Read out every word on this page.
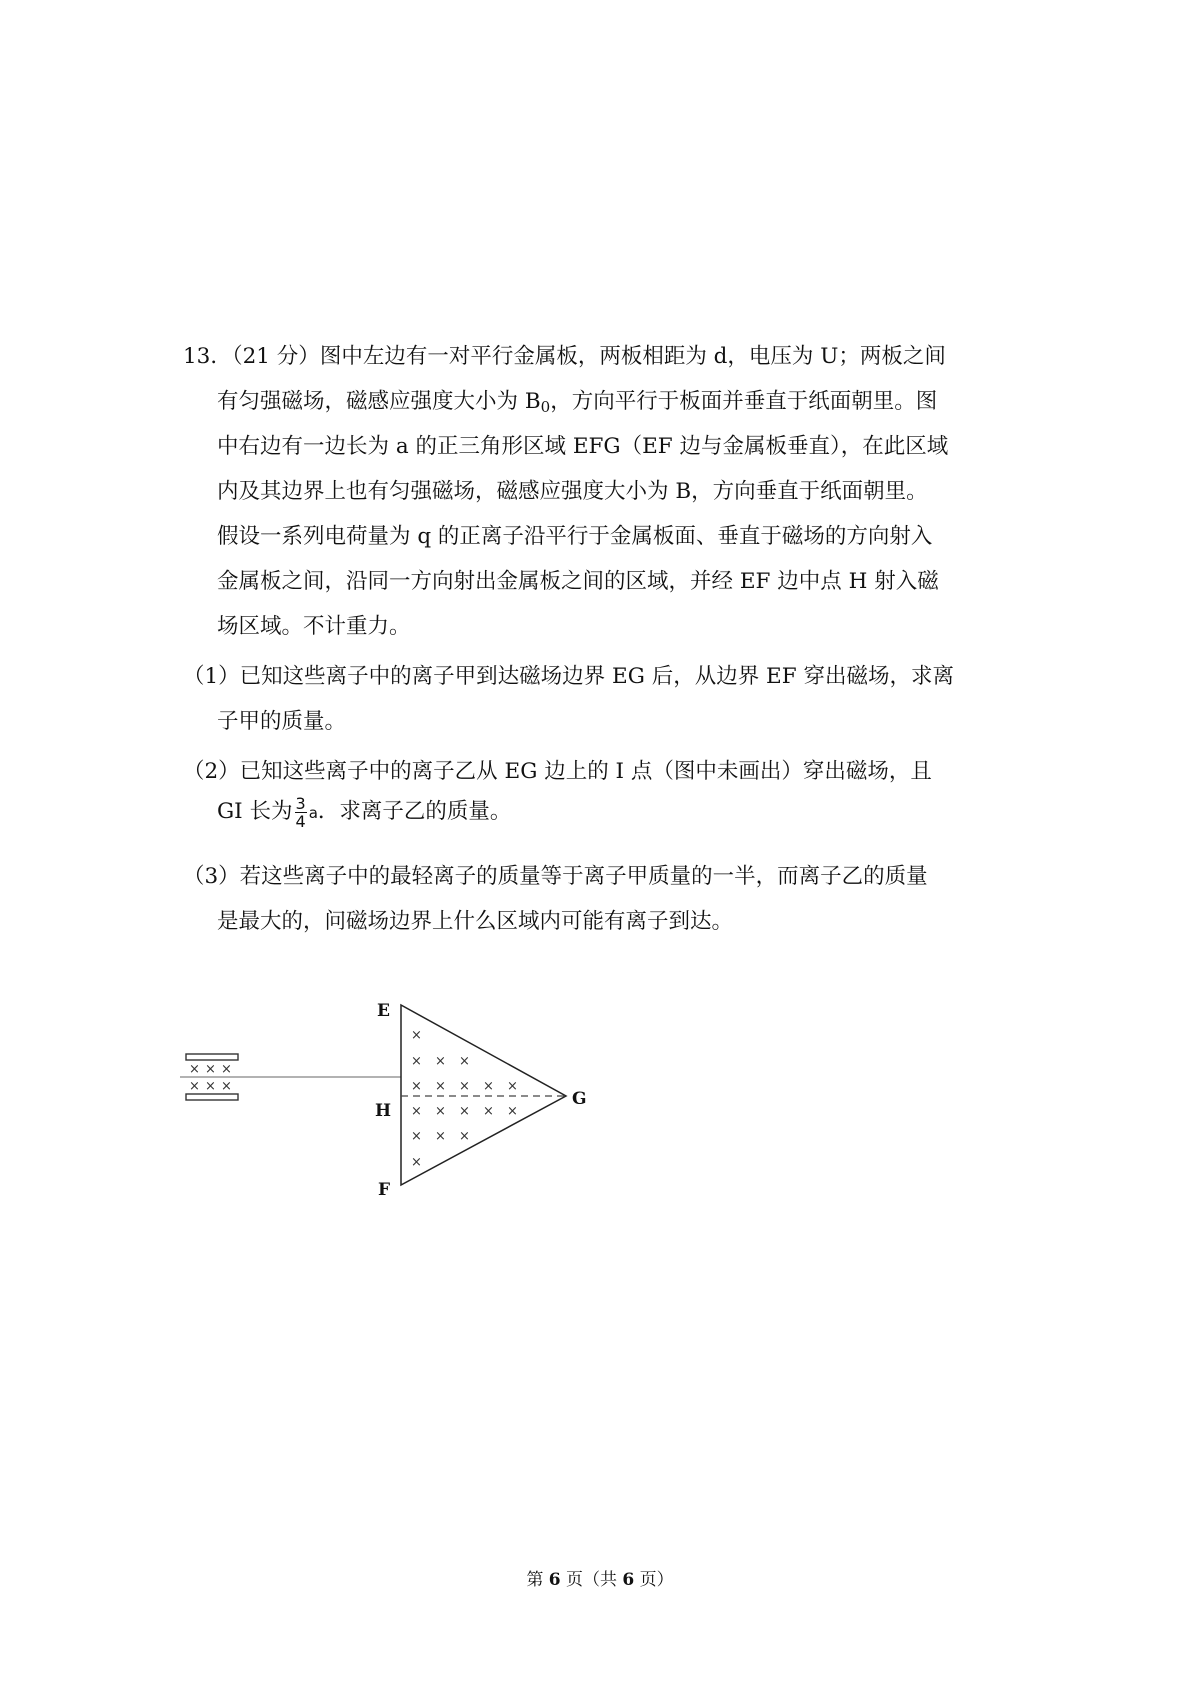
13．（21 分）图中左边有一对平行金属板，两板相距为 d，电压为 U；两板之间
有匀强磁场，磁感应强度大小为 $B_0$，方向平行于板面并垂直于纸面朝里。图
中右边有一边长为 a 的正三角形区域 EFG（EF 边与金属板垂直），在此区域
内及其边界上也有匀强磁场，磁感应强度大小为 B，方向垂直于纸面朝里。
假设一系列电荷量为 q 的正离子沿平行于金属板面、垂直于磁场的方向射入
金属板之间，沿同一方向射出金属板之间的区域，并经 EF 边中点 H 射入磁
场区域。不计重力。
（1）已知这些离子中的离子甲到达磁场边界 EG 后，从边界 EF 穿出磁场，求离
子甲的质量。
（2）已知这些离子中的离子乙从 EG 边上的 I 点（图中未画出）穿出磁场，且
GI 长为 $\frac{3}{4}$ a．求离子乙的质量。
（3）若这些离子中的最轻离子的质量等于离子甲质量的一半，而离子乙的质量
是最大的，问磁场边界上什么区域内可能有离子到达。
× × ×
× × ×
E
H
F
G
×
× × ×
× × × × ×
× × × × ×
× × ×
×
第 6 页（共 6 页）
